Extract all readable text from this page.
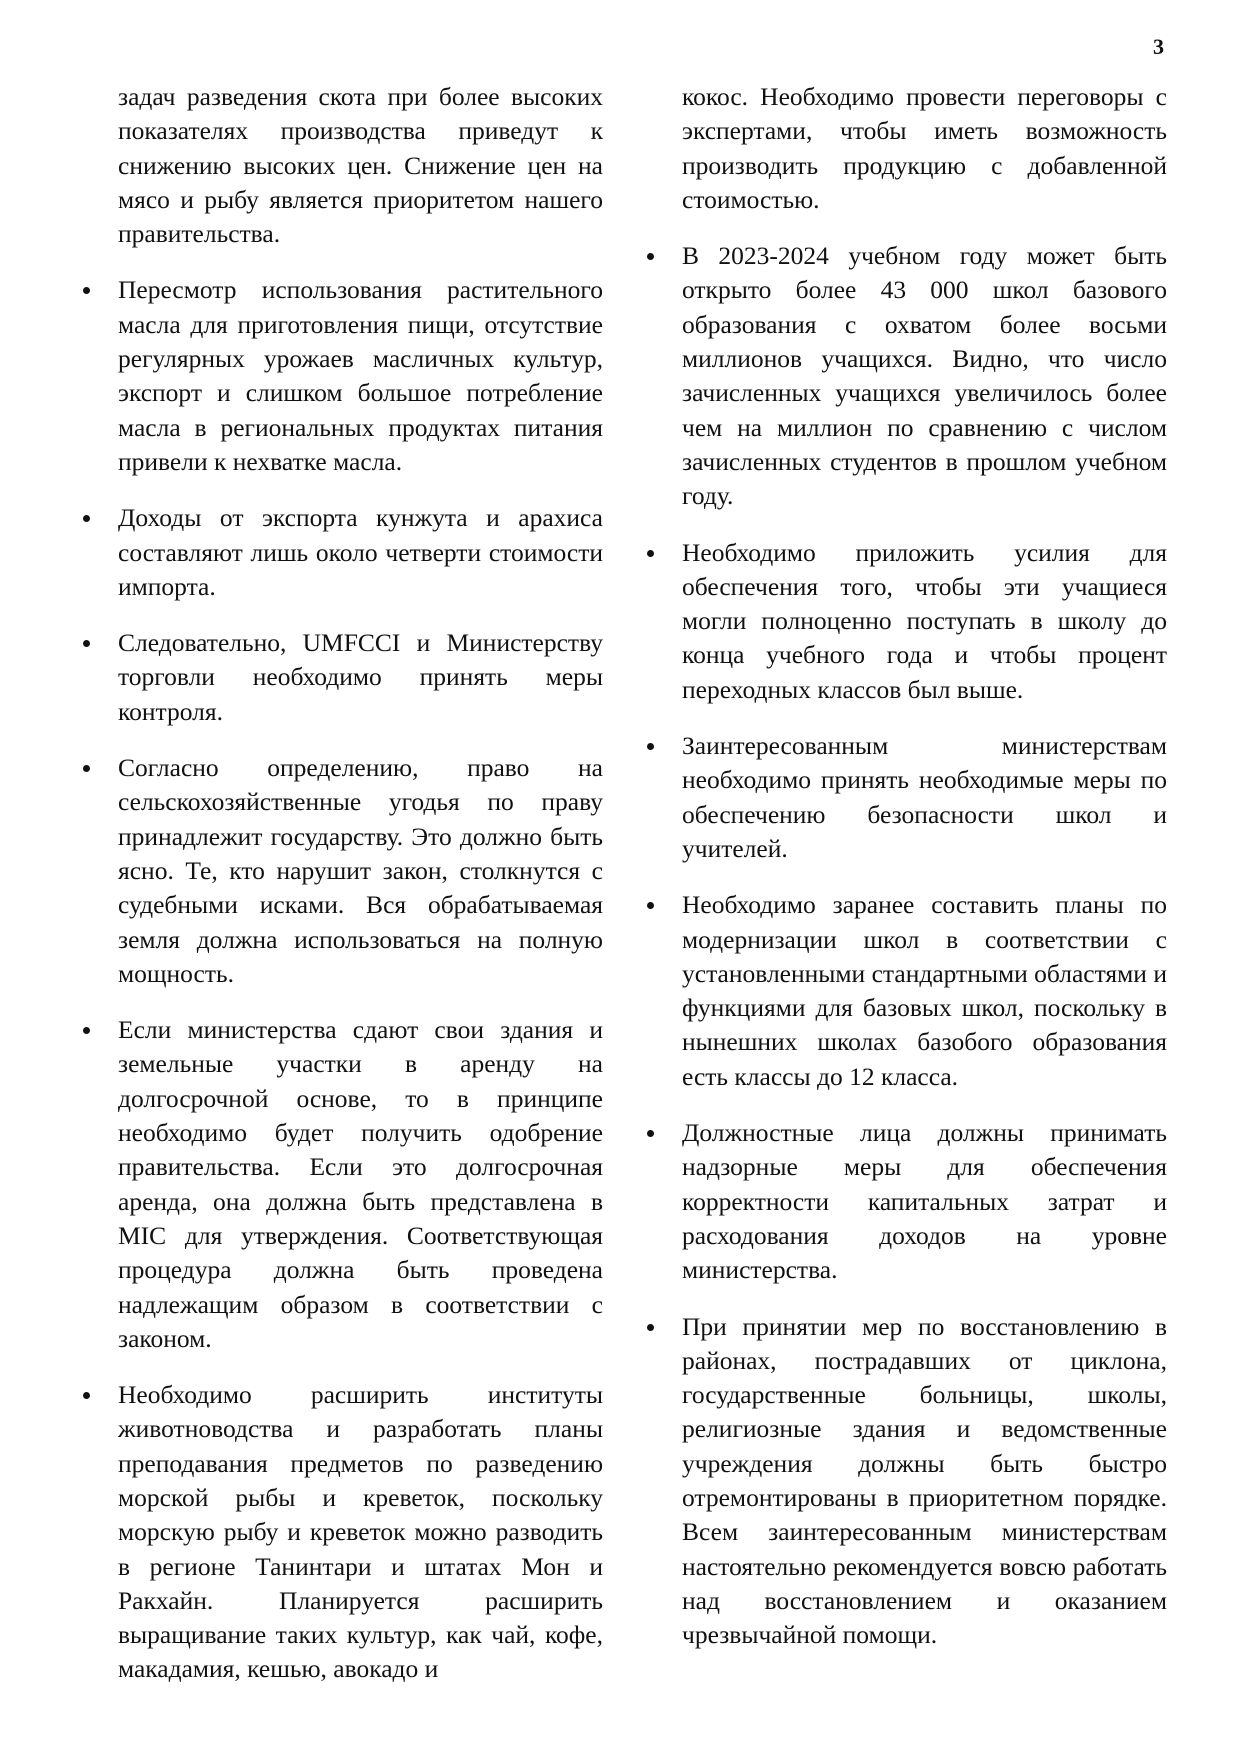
3

задач разведения скота при более высоких показателях производства приведут к снижению высоких цен. Снижение цен на мясо и рыбу является приоритетом нашего правительства.

Пересмотр использования растительного масла для приготовления пищи, отсутствие регулярных урожаев масличных культур, экспорт и слишком большое потребление масла в региональных продуктах питания привели к нехватке масла.

Доходы от экспорта кунжута и арахиса составляют лишь около четверти стоимости импорта.

Следовательно, UMFCCI и Министерству торговли необходимо принять меры контроля.

Согласно определению, право на сельскохозяйственные угодья по праву принадлежит государству. Это должно быть ясно. Те, кто нарушит закон, столкнутся с судебными исками. Вся обрабатываемая земля должна использоваться на полную мощность.

Если министерства сдают свои здания и земельные участки в аренду на долгосрочной основе, то в принципе необходимо будет получить одобрение правительства. Если это долгосрочная аренда, она должна быть представлена в MIC для утверждения. Соответствующая процедура должна быть проведена надлежащим образом в соответствии с законом.

Необходимо расширить институты животноводства и разработать планы преподавания предметов по разведению морской рыбы и креветок, поскольку морскую рыбу и креветок можно разводить в регионе Танинтари и штатах Мон и Ракхайн. Планируется расширить выращивание таких культур, как чай, кофе, макадамия, кешью, авокадо и

кокос. Необходимо провести переговоры с экспертами, чтобы иметь возможность производить продукцию с добавленной стоимостью.

В 2023-2024 учебном году может быть открыто более 43 000 школ базового образования с охватом более восьми миллионов учащихся. Видно, что число зачисленных учащихся увеличилось более чем на миллион по сравнению с числом зачисленных студентов в прошлом учебном году.

Необходимо приложить усилия для обеспечения того, чтобы эти учащиеся могли полноценно поступать в школу до конца учебного года и чтобы процент переходных классов был выше.

Заинтересованным министерствам необходимо принять необходимые меры по обеспечению безопасности школ и учителей.

Необходимо заранее составить планы по модернизации школ в соответствии с установленными стандартными областями и функциями для базовых школ, поскольку в нынешних школах базобого образования есть классы до 12 класса.

Должностные лица должны принимать надзорные меры для обеспечения корректности капитальных затрат и расходования доходов на уровне министерства.

При принятии мер по восстановлению в районах, пострадавших от циклона, государственные больницы, школы, религиозные здания и ведомственные учреждения должны быть быстро отремонтированы в приоритетном порядке. Всем заинтересованным министерствам настоятельно рекомендуется вовсю работать над восстановлением и оказанием чрезвычайной помощи.
